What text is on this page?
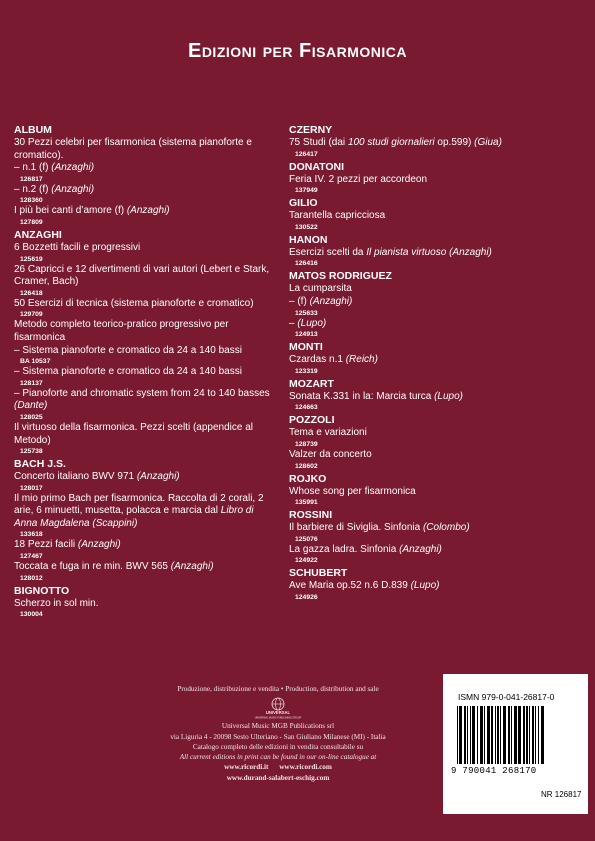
Edizioni per Fisarmonica
ALBUM
30 Pezzi celebri per fisarmonica (sistema pianoforte e cromatico).
– n.1 (f) (Anzaghi)
126817
– n.2 (f) (Anzaghi)
128360
I più bei canti d’amore (f) (Anzaghi)
127809
ANZAGHI
6 Bozzetti facili e progressivi
125619
26 Capricci e 12 divertimenti di vari autori (Lebert e Stark, Cramer, Bach)
126418
50 Esercizi di tecnica (sistema pianoforte e cromatico)
129709
Metodo completo teorico-pratico progressivo per fisarmonica
– Sistema pianoforte e cromatico da 24 a 140 bassi
BA 10537
– Sistema pianoforte e cromatico da 24 a 140 bassi
128137
– Pianoforte and chromatic system from 24 to 140 basses (Dante)
128025
Il virtuoso della fisarmonica. Pezzi scelti (appendice al Metodo)
125738
BACH J.S.
Concerto italiano BWV 971 (Anzaghi)
128017
Il mio primo Bach per fisarmonica. Raccolta di 2 corali, 2 arie, 6 minuetti, musetta, polacca e marcia dal Libro di Anna Magdalena (Scappini)
133618
18 Pezzi facili (Anzaghi)
127467
Toccata e fuga in re min. BWV 565 (Anzaghi)
128012
BIGNOTTO
Scherzo in sol min.
130004
CZERNY
75 Studi (dai 100 studi giornalieri op.599) (Giua)
126417
DONATONI
Feria IV. 2 pezzi per accordeon
137949
GILIO
Tarantella capricciosa
130522
HANON
Esercizi scelti da Il pianista virtuoso (Anzaghi)
126416
MATOS RODRIGUEZ
La cumparsita
– (f) (Anzaghi)
125633
– (Lupo)
124913
MONTI
Czardas n.1 (Reich)
123319
MOZART
Sonata K.331 in la: Marcia turca (Lupo)
124663
POZZOLI
Tema e variazioni
128739
Valzer da concerto
128602
ROJKO
Whose song per fisarmonica
135991
ROSSINI
Il barbiere di Siviglia. Sinfonia (Colombo)
125076
La gazza ladra. Sinfonia (Anzaghi)
124922
SCHUBERT
Ave Maria op.52 n.6 D.839 (Lupo)
124926
Produzione, distribuzione e vendita • Production, distribution and sale
UNIVERSAL
UNIVERSAL MUSIC PUBLISHING GROUP
Universal Music MGB Publications srl
via Liguria 4 - 20098 Sesto Ulteriano - San Giuliano Milanese (MI) - Italia
Catalogo completo delle edizioni in vendita consultabile su
All current editions in print can be found in our on-line catalogue at
www.ricordi.it      www.ricordi.com
www.durand-salabert-eschig.com
ISMN 979-0-041-26817-0
9 790041 268170
NR 126817
